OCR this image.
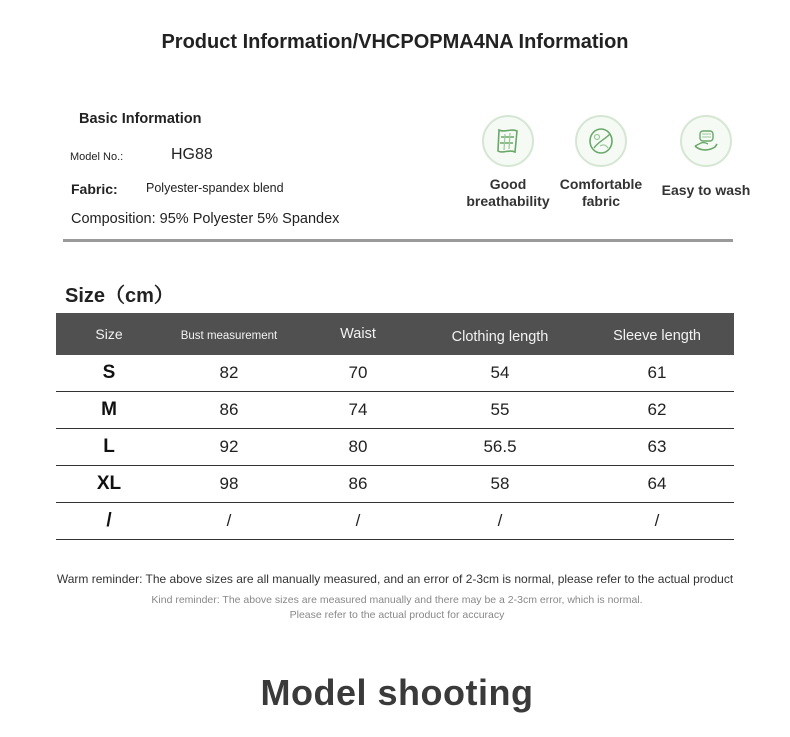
Product Information/VHCPOPMA4NA Information
Basic Information
Model No.:	HG88
Fabric: Polyester-spandex blend
Composition: 95% Polyester 5% Spandex
Good
breathability
Comfortable
fabric
Easy to wash
Size（cm）
Size	Bust measurement	Waist	Clothing length	Sleeve length
S	82	70	54	61
M	86	74	55	62
L	92	80	56.5	63
XL	98	86	58	64
/	/	/	/	/
Warm reminder: The above sizes are all manually measured, and an error of 2-3cm is normal, please refer to the actual product
Kind reminder: The above sizes are measured manually and there may be a 2-3cm error, which is normal.
Please refer to the actual product for accuracy
Model shooting
